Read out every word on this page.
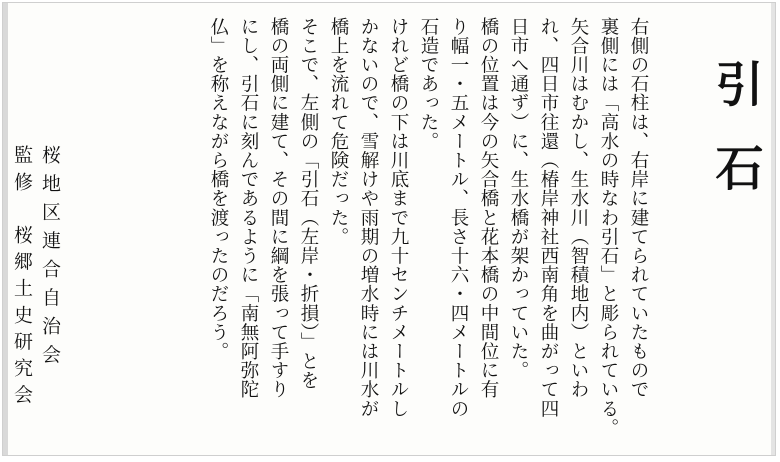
引石

右側の石柱は、右岸に建てられていたもので

裏側には「高水の時なわ引石」と彫られている。

矢合川はむかし、生水川（智積地内）といわ

れ、四日市往還（椿岸神社西南角を曲がって四

日市へ通ず）に、生水橋が架かっていた。

橋の位置は今の矢合橋と花本橋の中間位に有

り幅一・五メートル、長さ十六・四メートルの

石造であった。

けれど橋の下は川底まで九十センチメートルし

かないので、雪解けや雨期の増水時には川水が

橋上を流れて危険だった。

そこで、左側の「引石（左岸・折損）」とを

橋の両側に建て、その間に綱を張って手すり

にし、引石に刻んであるように「南無阿弥陀

仏」を称えながら橋を渡ったのだろう。

桜地区連合自治会
監修　桜郷土史研究会
